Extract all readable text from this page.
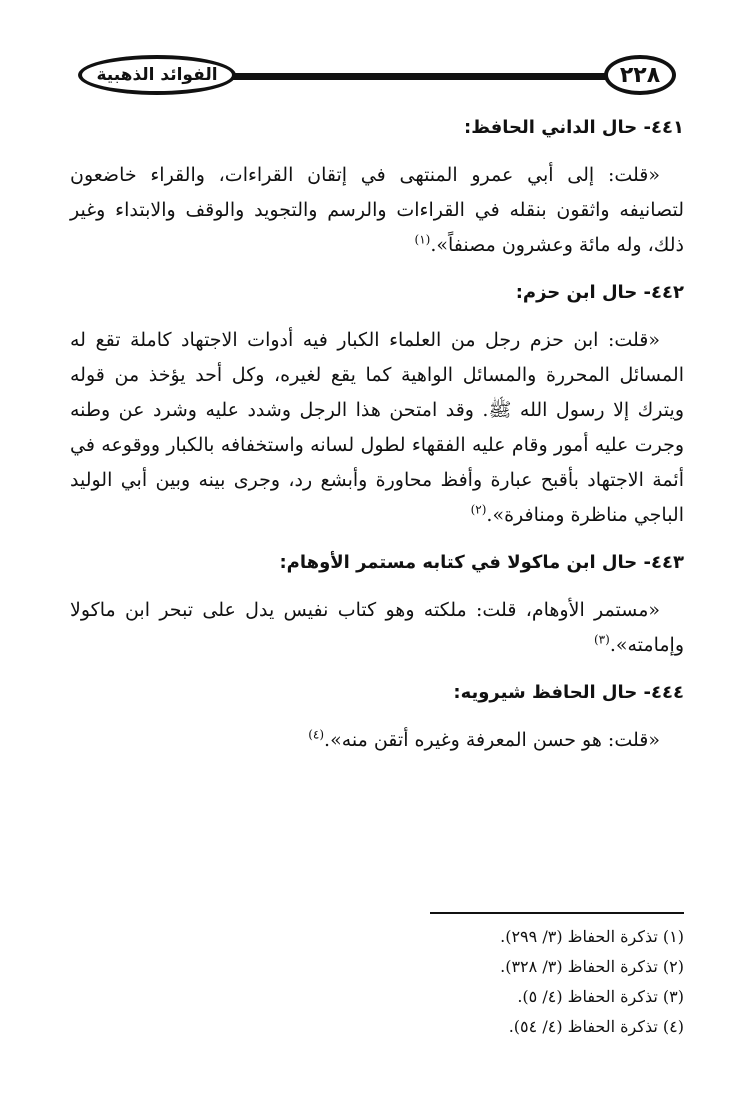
الفوائد الذهبية	٢٢٨

٤٤١- حال الداني الحافظ:

«قلت: إلى أبي عمرو المنتهى في إتقان القراءات، والقراء خاضعون لتصانيفه واثقون بنقله في القراءات والرسم والتجويد والوقف والابتداء وغير ذلك، وله مائة وعشرون مصنفاً».$^{(١)}$

٤٤٢- حال ابن حزم:

«قلت: ابن حزم رجل من العلماء الكبار فيه أدوات الاجتهاد كاملة تقع له المسائل المحررة والمسائل الواهية كما يقع لغيره، وكل أحد يؤخذ من قوله ويترك إلا رسول الله ﷺ. وقد امتحن هذا الرجل وشدد عليه وشرد عن وطنه وجرت عليه أمور وقام عليه الفقهاء لطول لسانه واستخفافه بالكبار ووقوعه في أئمة الاجتهاد بأقبح عبارة وأفظ محاورة وأبشع رد، وجرى بينه وبين أبي الوليد الباجي مناظرة ومنافرة».$^{(٢)}$

٤٤٣- حال ابن ماكولا في كتابه مستمر الأوهام:

«مستمر الأوهام، قلت: ملكته وهو كتاب نفيس يدل على تبحر ابن ماكولا وإمامته».$^{(٣)}$

٤٤٤- حال الحافظ شيرويه:

«قلت: هو حسن المعرفة وغيره أتقن منه».$^{(٤)}$

(١) تذكرة الحفاظ (٣/ ٢٩٩).

(٢) تذكرة الحفاظ (٣/ ٣٢٨).

(٣) تذكرة الحفاظ (٤/ ٥).

(٤) تذكرة الحفاظ (٤/ ٥٤).
